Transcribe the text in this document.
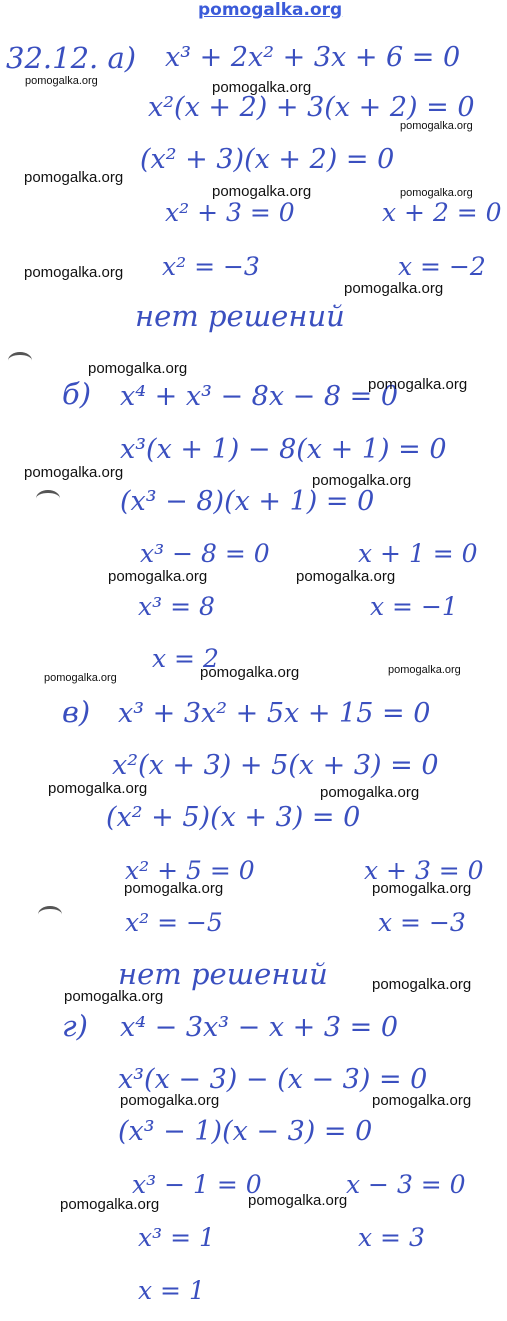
pomogalka.org
32.12. а) x³ + 2x² + 3x + 6 = 0
x²(x + 2) + 3(x + 2) = 0
(x² + 3)(x + 2) = 0
x² + 3 = 0	x + 2 = 0
x² = −3	x = −2
нет решений
б) x⁴ + x³ − 8x − 8 = 0
x³(x + 1) − 8(x + 1) = 0
(x³ − 8)(x + 1) = 0
x³ − 8 = 0	x + 1 = 0
x³ = 8	x = −1
x = 2
в) x³ + 3x² + 5x + 15 = 0
x²(x + 3) + 5(x + 3) = 0
(x² + 5)(x + 3) = 0
x² + 5 = 0	x + 3 = 0
x² = −5	x = −3
нет решений
г) x⁴ − 3x³ − x + 3 = 0
x³(x − 3) − (x − 3) = 0
(x³ − 1)(x − 3) = 0
x³ − 1 = 0	x − 3 = 0
x³ = 1	x = 3
x = 1
pomogalka.org	pomogalka.org
pomogalka.org
pomogalka.org
pomogalka.org	pomogalka.org
pomogalka.org
pomogalka.org
pomogalka.org
pomogalka.org
pomogalka.org	pomogalka.org
pomogalka.org	pomogalka.org
pomogalka.org	pomogalka.org	pomogalka.org
pomogalka.org	pomogalka.org
pomogalka.org	pomogalka.org
pomogalka.org
pomogalka.org
pomogalka.org	pomogalka.org
pomogalka.org	pomogalka.org
